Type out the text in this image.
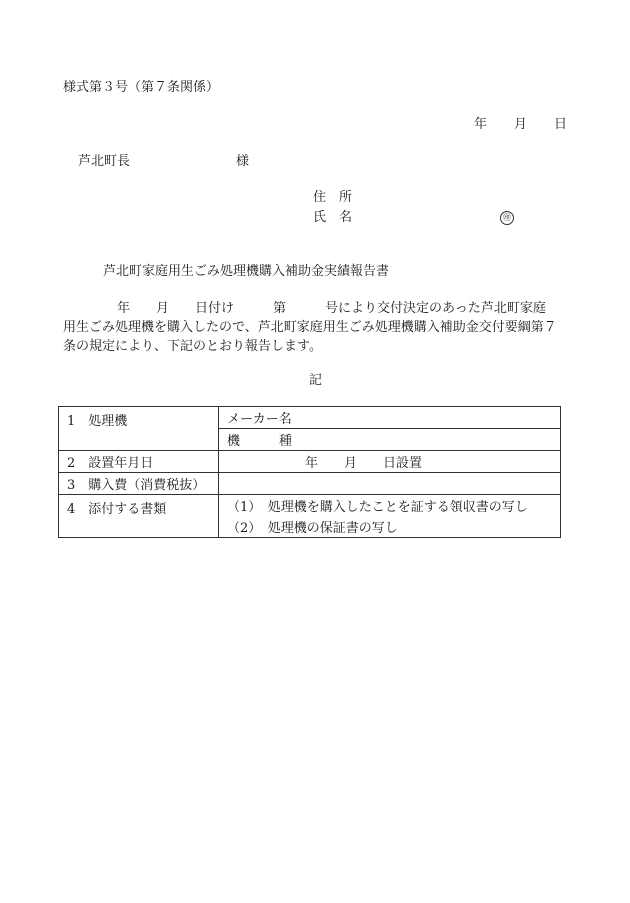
様式第３号（第７条関係）
年 月 日
芦北町長	様
住　所
氏　名	㊞
芦北町家庭用生ごみ処理機購入補助金実績報告書
年　　月　　日付け　　　第　　　号により交付決定のあった芦北町家庭
用生ごみ処理機を購入したので、芦北町家庭用生ごみ処理機購入補助金交付要綱第７
条の規定により、下記のとおり報告します。
記
1　処理機	メーカー名
	機　　　種
2　設置年月日	年　　月　　日設置
3　購入費（消費税抜）	
4　添付する書類	（1）　処理機を購入したことを証する領収書の写し
	（2）　処理機の保証書の写し
